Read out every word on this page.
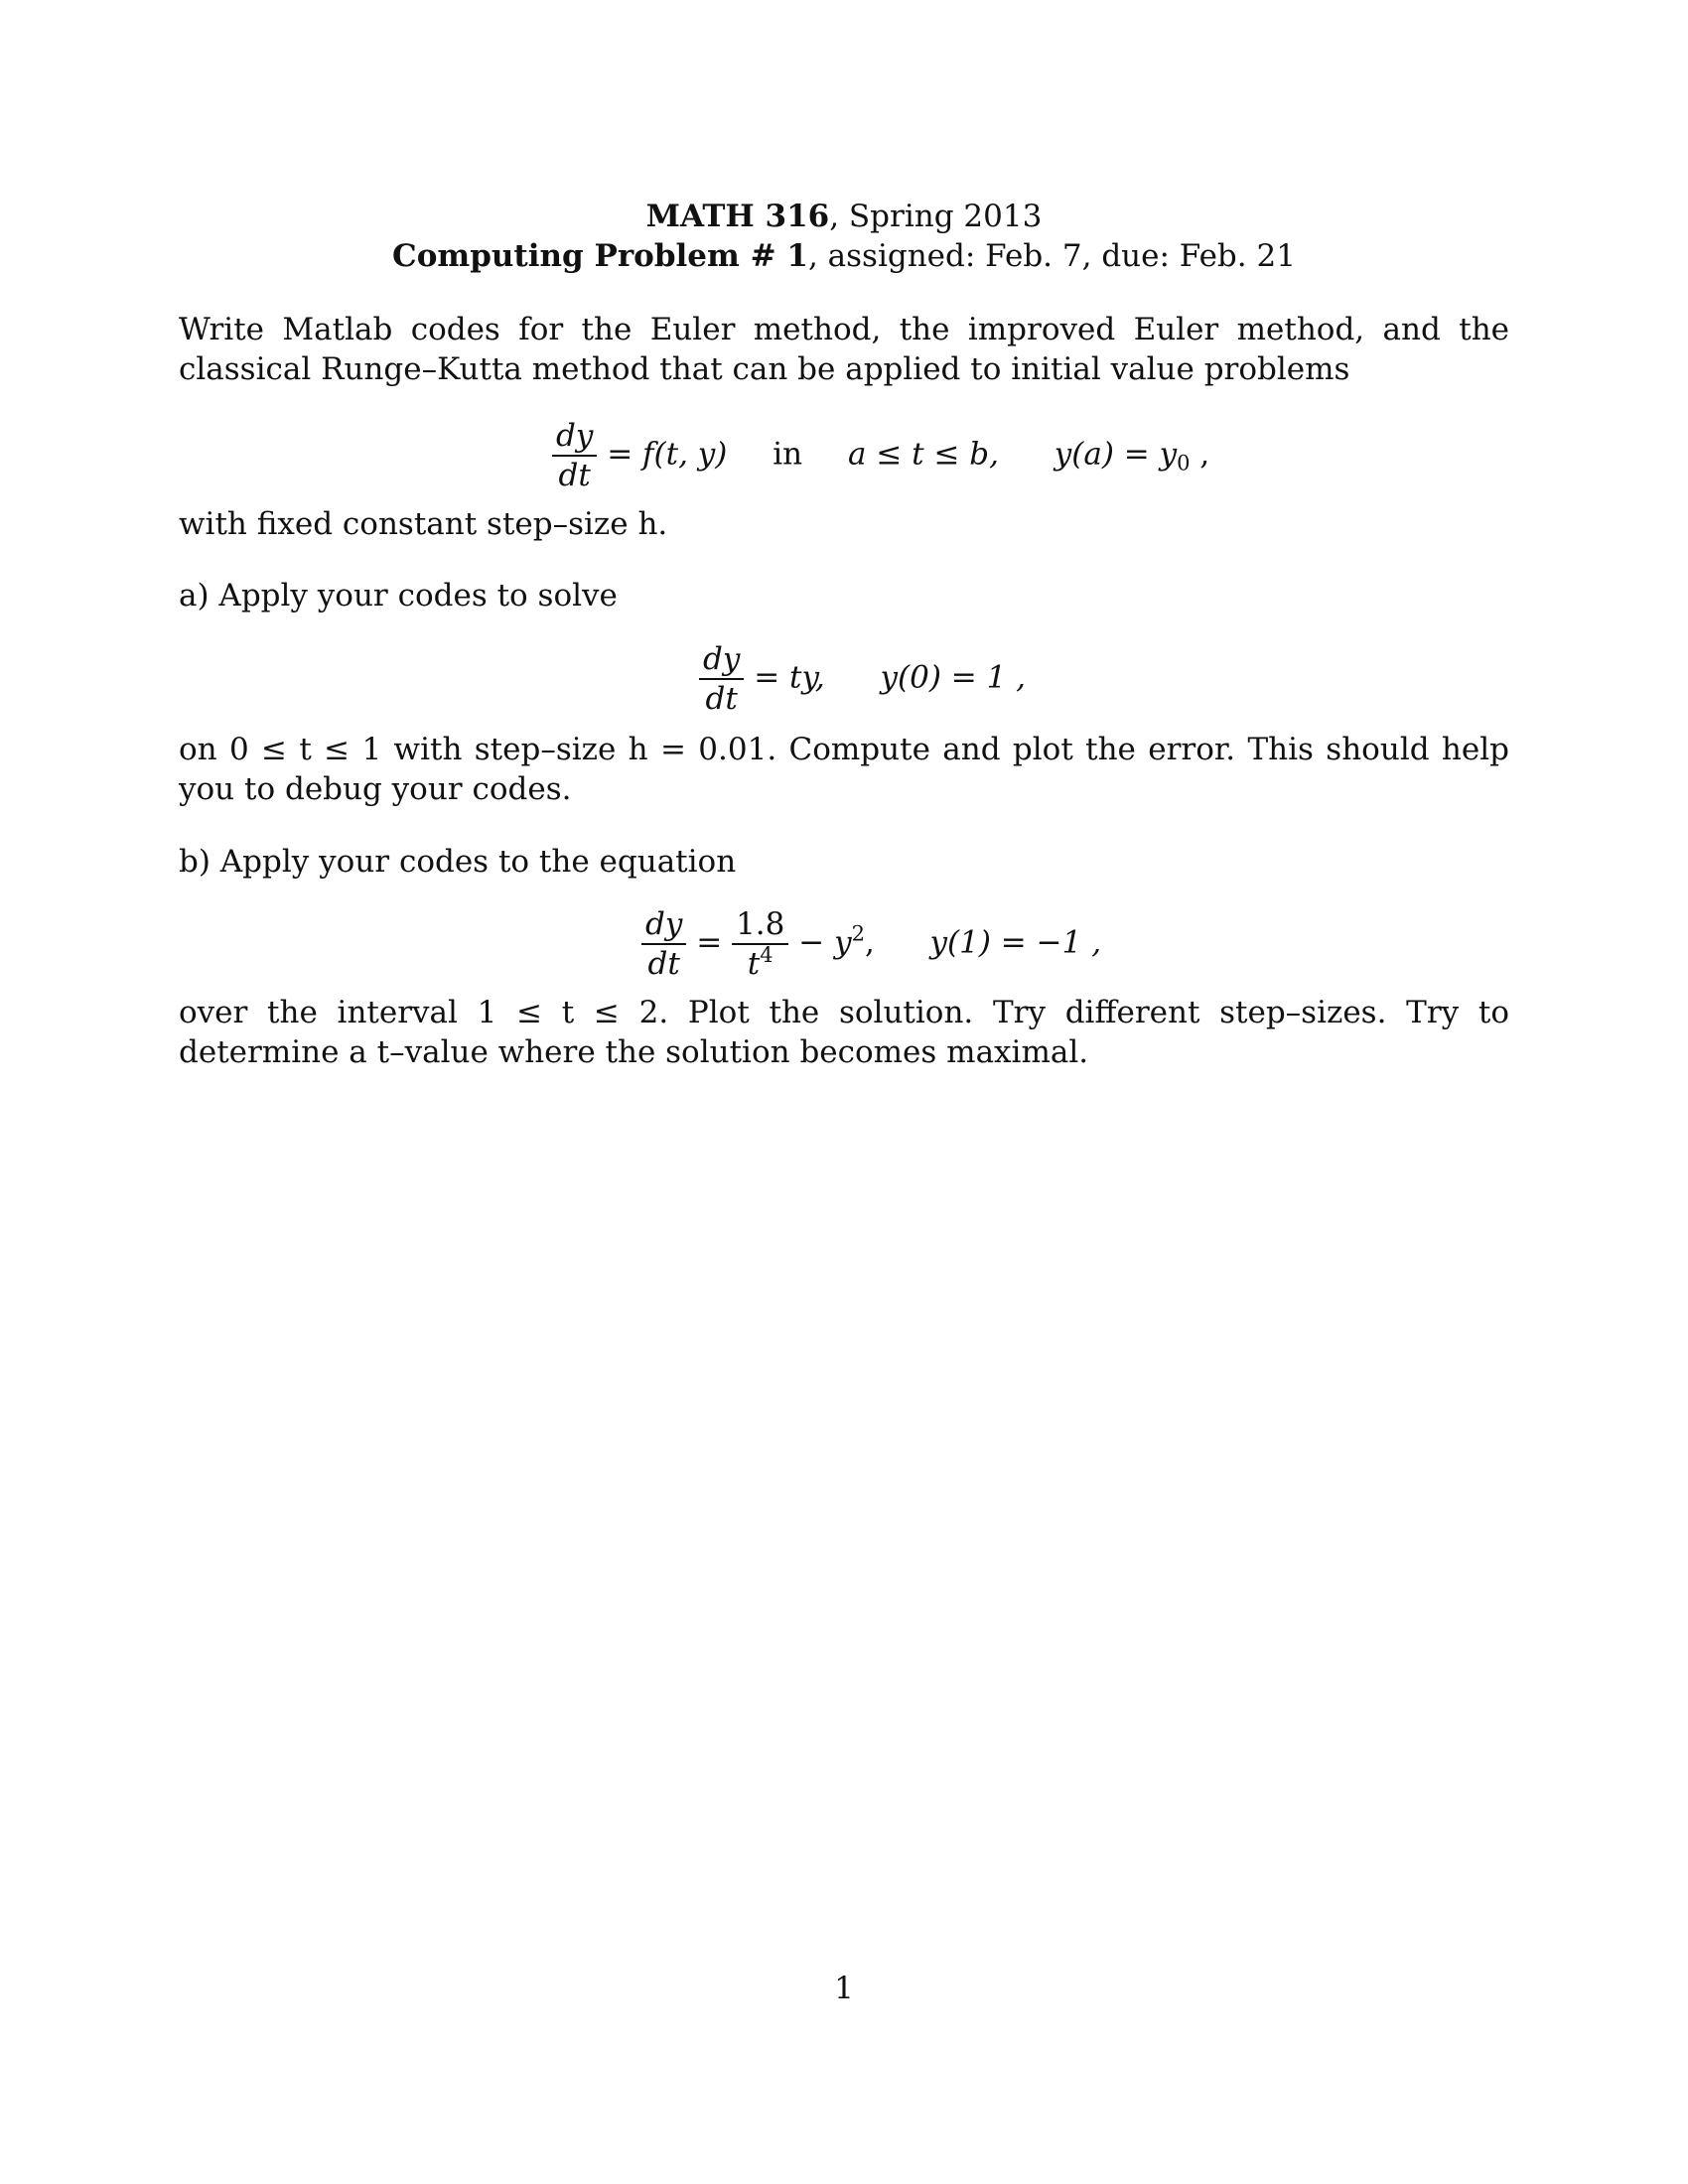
MATH 316, Spring 2013
Computing Problem # 1, assigned: Feb. 7, due: Feb. 21
Write Matlab codes for the Euler method, the improved Euler method, and the classical Runge–Kutta method that can be applied to initial value problems
$\frac{dy}{dt} = f(t$, y) in a ≤ t ≤ b, $y(a) = y_0$ ,
with fixed constant step–size h.
a) Apply your codes to solve
$\frac{dy}{dt}$ = ty, y(0) = 1 ,
on 0 ≤ t ≤ 1 with step–size h = 0.01. Compute and plot the error. This should help you to debug your codes.
b) Apply your codes to the equation
$\frac{dy}{dt} = \frac{1.8}{t^4} - y^2$, y(1) = −1 ,
over the interval 1 ≤ t ≤ 2. Plot the solution. Try different step–sizes. Try to determine a t–value where the solution becomes maximal.
1
